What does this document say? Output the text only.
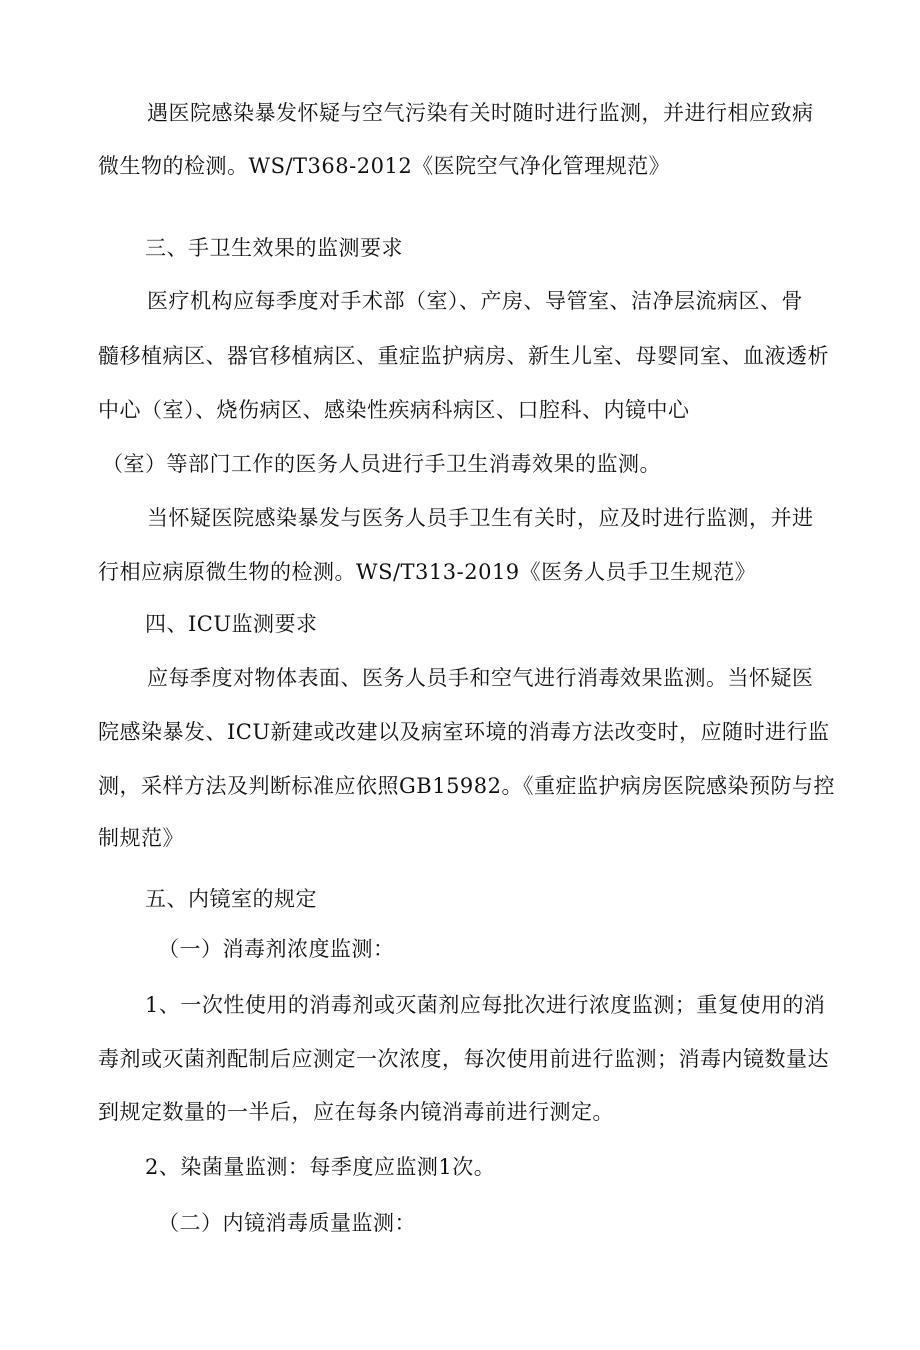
遇医院感染暴发怀疑与空气污染有关时随时进行监测，并进行相应致病
微生物的检测。WS/T368-2012《医院空气净化管理规范》
三、手卫生效果的监测要求
医疗机构应每季度对手术部（室）、产房、导管室、洁净层流病区、骨
髓移植病区、器官移植病区、重症监护病房、新生儿室、母婴同室、血液透析
中心（室）、烧伤病区、感染性疾病科病区、口腔科、内镜中心
（室）等部门工作的医务人员进行手卫生消毒效果的监测。
当怀疑医院感染暴发与医务人员手卫生有关时，应及时进行监测，并进
行相应病原微生物的检测。WS/T313-2019《医务人员手卫生规范》
四、ICU监测要求
应每季度对物体表面、医务人员手和空气进行消毒效果监测。当怀疑医
院感染暴发、ICU新建或改建以及病室环境的消毒方法改变时，应随时进行监
测，采样方法及判断标准应依照GB15982。《重症监护病房医院感染预防与控
制规范》
五、内镜室的规定
（一）消毒剂浓度监测：
1、一次性使用的消毒剂或灭菌剂应每批次进行浓度监测；重复使用的消
毒剂或灭菌剂配制后应测定一次浓度，每次使用前进行监测；消毒内镜数量达
到规定数量的一半后，应在每条内镜消毒前进行测定。
2、染菌量监测：每季度应监测1次。
（二）内镜消毒质量监测：
